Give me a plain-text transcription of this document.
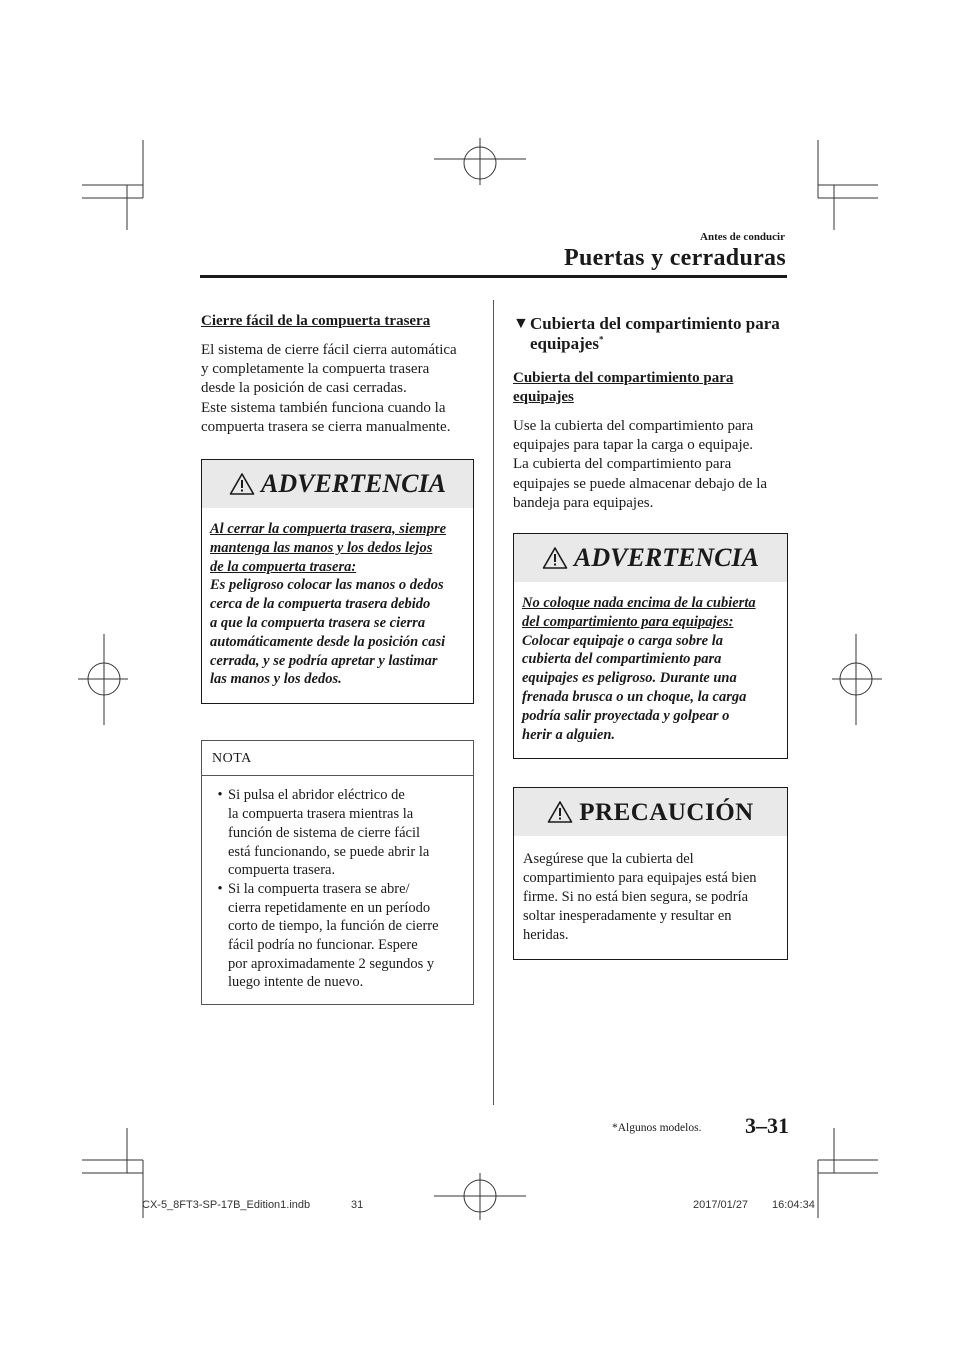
Antes de conducir
Puertas y cerraduras
Cierre fácil de la compuerta trasera

El sistema de cierre fácil cierra automática
y completamente la compuerta trasera
desde la posición de casi cerradas.
Este sistema también funciona cuando la
compuerta trasera se cierra manualmente.

ADVERTENCIA
Al cerrar la compuerta trasera, siempre
mantenga las manos y los dedos lejos
de la compuerta trasera:
Es peligroso colocar las manos o dedos
cerca de la compuerta trasera debido
a que la compuerta trasera se cierra
automáticamente desde la posición casi
cerrada, y se podría apretar y lastimar
las manos y los dedos.
NOTA
• Si pulsa el abridor eléctrico de
la compuerta trasera mientras la
función de sistema de cierre fácil
está funcionando, se puede abrir la
compuerta trasera.
• Si la compuerta trasera se abre/
cierra repetidamente en un período
corto de tiempo, la función de cierre
fácil podría no funcionar. Espere
por aproximadamente 2 segundos y
luego intente de nuevo.
▼ Cubierta del compartimiento para
equipajes*
Cubierta del compartimiento para
equipajes

Use la cubierta del compartimiento para
equipajes para tapar la carga o equipaje.
La cubierta del compartimiento para
equipajes se puede almacenar debajo de la
bandeja para equipajes.

ADVERTENCIA
No coloque nada encima de la cubierta
del compartimiento para equipajes:
Colocar equipaje o carga sobre la
cubierta del compartimiento para
equipajes es peligroso. Durante una
frenada brusca o un choque, la carga
podría salir proyectada y golpear o
herir a alguien.
PRECAUCIÓN
Asegúrese que la cubierta del
compartimiento para equipajes está bien
firme. Si no está bien segura, se podría
soltar inesperadamente y resultar en
heridas.
*Algunos modelos. 3–31
CX-5_8FT3-SP-17B_Edition1.indb	31	2017/01/27 16:04:34
